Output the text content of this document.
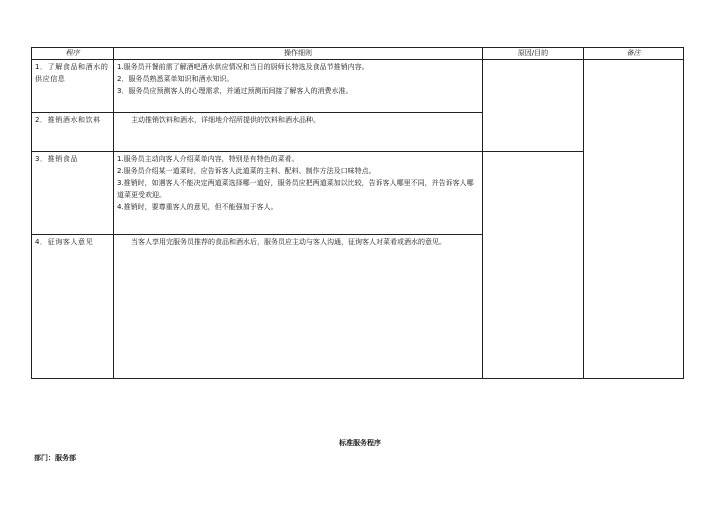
程序	操作细则	原因/目的	备注
1．了解食品和酒水的供应信息	1.服务员开餐前需了解酒吧酒水供应情况和当日的厨师长特选及食品节推销内容。

2．服务员熟悉菜单知识和酒水知识。

3．服务员应预测客人的心理需求，并通过预测而间接了解客人的消费水准。		

2．推销酒水和饮料	主动推销饮料和酒水，详细地介绍所提供的饮料和酒水品种。		

3．推销食品	1.服务员主动向客人介绍菜单内容，特别是有特色的菜肴。

2.服务员介绍某一道菜时，应告诉客人此道菜的主料、配料、制作方法及口味特点。

3.推销时，如遇客人不能决定两道菜选择哪一道好，服务员应把两道菜加以比较，告诉客人哪里不同，并告诉客人哪道菜更受欢迎。

4.推销时，要尊重客人的意见，但不能强加于客人。		

4．征询客人意见	当客人享用完服务员推荐的食品和酒水后，服务员应主动与客人沟通，征询客人对菜肴或酒水的意见。		

标准服务程序
部门：服务部
